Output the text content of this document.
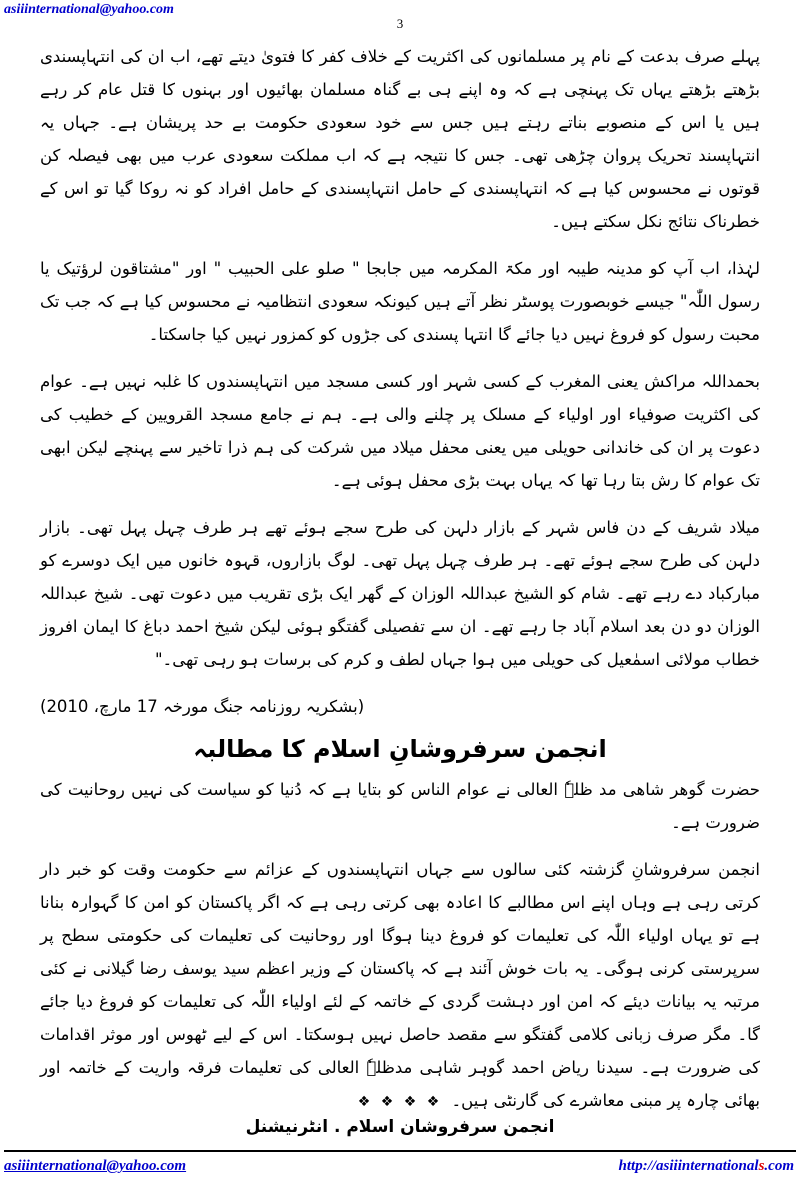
asiiinternational@yahoo.com
3

پہلے صرف بدعت کے نام پر مسلمانوں کی اکثریت کے خلاف کفر کا فتویٰ دیتے تھے، اب ان کی انتہاپسندی بڑھتے بڑھتے یہاں تک پہنچی ہے کہ وہ اپنے ہی بے گناہ مسلمان بھائیوں اور بہنوں کا قتل عام کر رہے ہیں یا اس کے منصوبے بناتے رہتے ہیں جس سے خود سعودی حکومت بے حد پریشان ہے۔ جہاں یہ انتہاپسند تحریک پروان چڑھی تھی۔ جس کا نتیجہ ہے کہ اب مملکت سعودی عرب میں بھی فیصلہ کن قوتوں نے محسوس کیا ہے کہ انتہاپسندی کے حامل انتہاپسندی کے حامل افراد کو نہ روکا گیا تو اس کے خطرناک نتائج نکل سکتے ہیں۔

لہٰذا، اب آپ کو مدینہ طیبہ اور مکۃ المکرمہ میں جابجا " صلو علی الحبیب " اور "مشتاقون لرؤتیک یا رسول اللّٰہ" جیسے خوبصورت پوسٹر نظر آتے ہیں کیونکہ سعودی انتظامیہ نے محسوس کیا ہے کہ جب تک محبت رسول کو فروغ نہیں دیا جائے گا انتہا پسندی کی جڑوں کو کمزور نہیں کیا جاسکتا۔

بحمداللہ مراکش یعنی المغرب کے کسی شہر اور کسی مسجد میں انتہاپسندوں کا غلبہ نہیں ہے۔ عوام کی اکثریت صوفیاء اور اولیاء کے مسلک پر چلنے والی ہے۔ ہم نے جامع مسجد القرویین کے خطیب کی دعوت پر ان کی خاندانی حویلی میں یعنی محفل میلاد میں شرکت کی ہم ذرا تاخیر سے پہنچے لیکن ابھی تک عوام کا رش بتا رہا تھا کہ یہاں بہت بڑی محفل ہوئی ہے۔

میلاد شریف کے دن فاس شہر کے بازار دلہن کی طرح سجے ہوئے تھے ہر طرف چہل پہل تھی۔ بازار دلہن کی طرح سجے ہوئے تھے۔ ہر طرف چہل پہل تھی۔ لوگ بازاروں، قہوہ خانوں میں ایک دوسرے کو مبارکباد دے رہے تھے۔ شام کو الشیخ عبداللہ الوزان کے گھر ایک بڑی تقریب میں دعوت تھی۔ شیخ عبداللہ الوزان دو دن بعد اسلام آباد جا رہے تھے۔ ان سے تفصیلی گفتگو ہوئی لیکن شیخ احمد دباغ کا ایمان افروز خطاب مولائی اسمٰعیل کی حویلی میں ہوا جہاں لطف و کرم کی برسات ہو رہی تھی۔"

(بشکریہ روزنامہ جنگ مورخہ 17 مارچ، 2010)

انجمن سرفروشانِ اسلام کا مطالبہ

حضرت گوھر شاھی مد ظلہٗ العالی نے عوام الناس کو بتایا ہے کہ دُنیا کو سیاست کی نہیں روحانیت کی ضرورت ہے۔

انجمن سرفروشانِ گزشتہ کئی سالوں سے جہاں انتہاپسندوں کے عزائم سے حکومت وقت کو خبر دار کرتی رہی ہے وہاں اپنے اس مطالبے کا اعادہ بھی کرتی رہی ہے کہ اگر پاکستان کو امن کا گہوارہ بنانا ہے تو یہاں اولیاء اللّٰہ کی تعلیمات کو فروغ دینا ہوگا اور روحانیت کی تعلیمات کی حکومتی سطح پر سرپرستی کرنی ہوگی۔ یہ بات خوش آئند ہے کہ پاکستان کے وزیر اعظم سید یوسف رضا گیلانی نے کئی مرتبہ یہ بیانات دیئے کہ امن اور دہشت گردی کے خاتمہ کے لئے اولیاء اللّٰہ کی تعلیمات کو فروغ دیا جائے گا۔ مگر صرف زبانی کلامی گفتگو سے مقصد حاصل نہیں ہوسکتا۔ اس کے لیے ٹھوس اور موثر اقدامات کی ضرورت ہے۔ سیدنا ریاض احمد گوہر شاہی مدظلہٗ العالی کی تعلیمات فرقہ واریت کے خاتمہ اور بھائی چارہ پر مبنی معاشرے کی گارنٹی ہیں۔

❖ ❖ ❖ ❖
انجمن سرفروشان اسلام . انٹرنیشنل
asiiinternational@yahoo.com	http://asiiinternationals.com
